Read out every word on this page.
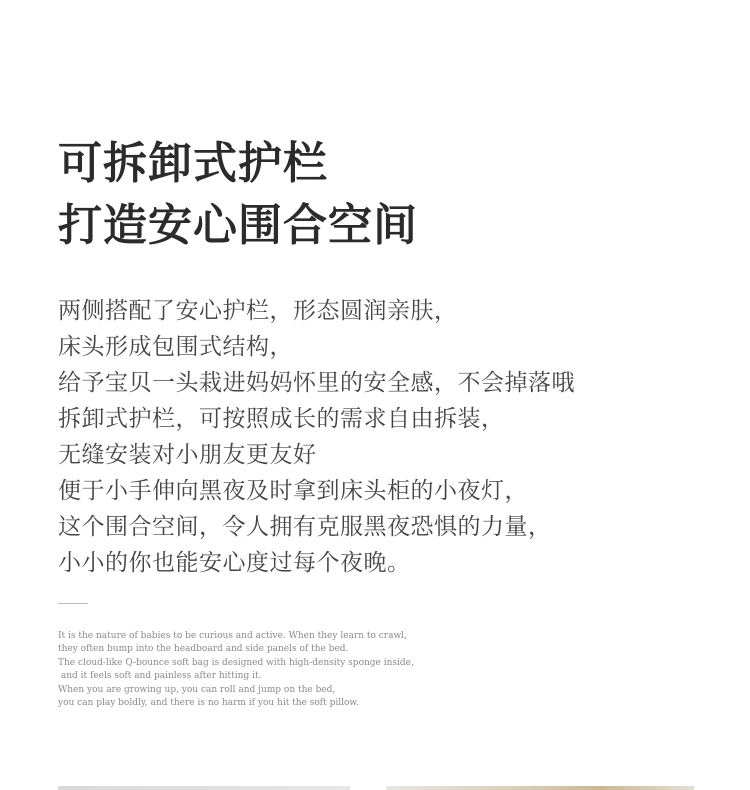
可拆卸式护栏
打造安心围合空间
两侧搭配了安心护栏，形态圆润亲肤，
床头形成包围式结构，
给予宝贝一头栽进妈妈怀里的安全感，不会掉落哦
拆卸式护栏，可按照成长的需求自由拆装，
无缝安装对小朋友更友好
便于小手伸向黑夜及时拿到床头柜的小夜灯，
这个围合空间，令人拥有克服黑夜恐惧的力量，
小小的你也能安心度过每个夜晚。
It is the nature of babies to be curious and active. When they learn to crawl,
they often bump into the headboard and side panels of the bed.
The cloud-like Q-bounce soft bag is designed with high-density sponge inside,
and it feels soft and painless after hitting it.
When you are growing up, you can roll and jump on the bed,
you can play boldly, and there is no harm if you hit the soft pillow.
